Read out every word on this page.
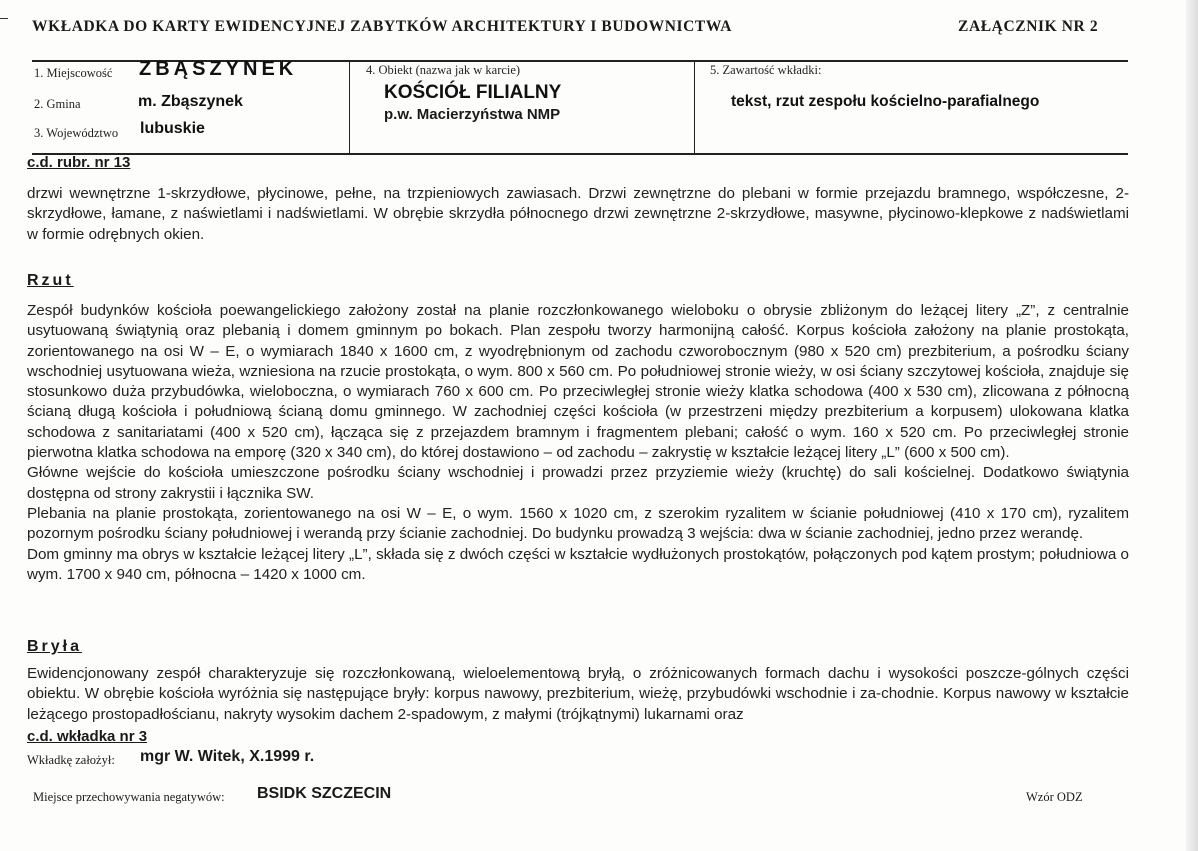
WKŁADKA DO KARTY EWIDENCYJNEJ ZABYTKÓW ARCHITEKTURY I BUDOWNICTWA	ZAŁĄCZNIK NR 2
1. Miejscowość ZBĄSZYNEK
2. Gmina	m. Zbąszynek
3. Województwo lubuskie
4. Obiekt (nazwa jak w karcie)
KOŚCIÓŁ FILIALNY
p.w. Macierzyństwa NMP
5. Zawartość wkładki:
tekst, rzut zespołu kościelno-parafialnego
c.d. rubr. nr 13

drzwi wewnętrzne 1-skrzydłowe, płycinowe, pełne, na trzpieniowych zawiasach. Drzwi zewnętrzne do plebani w formie przejazdu bramnego, współczesne, 2-skrzydłowe, łamane, z naświetlami i nadświetlami. W obrębie skrzydła północnego drzwi zewnętrzne 2-skrzydłowe, masywne, płycinowo-klepkowe z nadświetlami w formie odrębnych okien.

Rzut

Zespół budynków kościoła poewangelickiego założony został na planie rozczłonkowanego wieloboku o obrysie zbliżonym do leżącej litery „Z”, z centralnie usytuowaną świątynią oraz plebanią i domem gminnym po bokach. Plan zespołu tworzy harmonijną całość. Korpus kościoła założony na planie prostokąta, zorientowanego na osi W – E, o wymiarach 1840 x 1600 cm, z wyodrębnionym od zachodu czworobocznym (980 x 520 cm) prezbiterium, a pośrodku ściany wschodniej usytuowana wieża, wzniesiona na rzucie prostokąta, o wym. 800 x 560 cm. Po południowej stronie wieży, w osi ściany szczytowej kościoła, znajduje się stosunkowo duża przybudówka, wieloboczna, o wymiarach 760 x 600 cm. Po przeciwległej stronie wieży klatka schodowa (400 x 530 cm), zlicowana z północną ścianą długą kościoła i południową ścianą domu gminnego. W zachodniej części kościoła (w przestrzeni między prezbiterium a korpusem) ulokowana klatka schodowa z sanitariatami (400 x 520 cm), łącząca się z przejazdem bramnym i fragmentem plebani; całość o wym. 160 x 520 cm. Po przeciwległej stronie pierwotna klatka schodowa na emporę (320 x 340 cm), do której dostawiono – od zachodu – zakrystię w kształcie leżącej litery „L” (600 x 500 cm).

Główne wejście do kościoła umieszczone pośrodku ściany wschodniej i prowadzi przez przyziemie wieży (kruchtę) do sali kościelnej. Dodatkowo świątynia dostępna od strony zakrystii i łącznika SW.

Plebania na planie prostokąta, zorientowanego na osi W – E, o wym. 1560 x 1020 cm, z szerokim ryzalitem w ścianie południowej (410 x 170 cm), ryzalitem pozornym pośrodku ściany południowej i werandą przy ścianie zachodniej. Do budynku prowadzą 3 wejścia: dwa w ścianie zachodniej, jedno przez werandę.

Dom gminny ma obrys w kształcie leżącej litery „L”, składa się z dwóch części w kształcie wydłużonych prostokątów, połączonych pod kątem prostym; południowa o wym. 1700 x 940 cm, północna – 1420 x 1000 cm.

Bryła

Ewidencjonowany zespół charakteryzuje się rozczłonkowaną, wieloelementową bryłą, o zróżnicowanych formach dachu i wysokości poszcze-gólnych części obiektu. W obrębie kościoła wyróżnia się następujące bryły: korpus nawowy, prezbiterium, wieżę, przybudówki wschodnie i za-chodnie. Korpus nawowy w kształcie leżącego prostopadłościanu, nakryty wysokim dachem 2-spadowym, z małymi (trójkątnymi) lukarnami oraz

c.d. wkładka nr 3
Wkładkę założył: mgr W. Witek, X.1999 r.
Miejsce przechowywania negatywów: BSIDK SZCZECIN	Wzór ODZ
